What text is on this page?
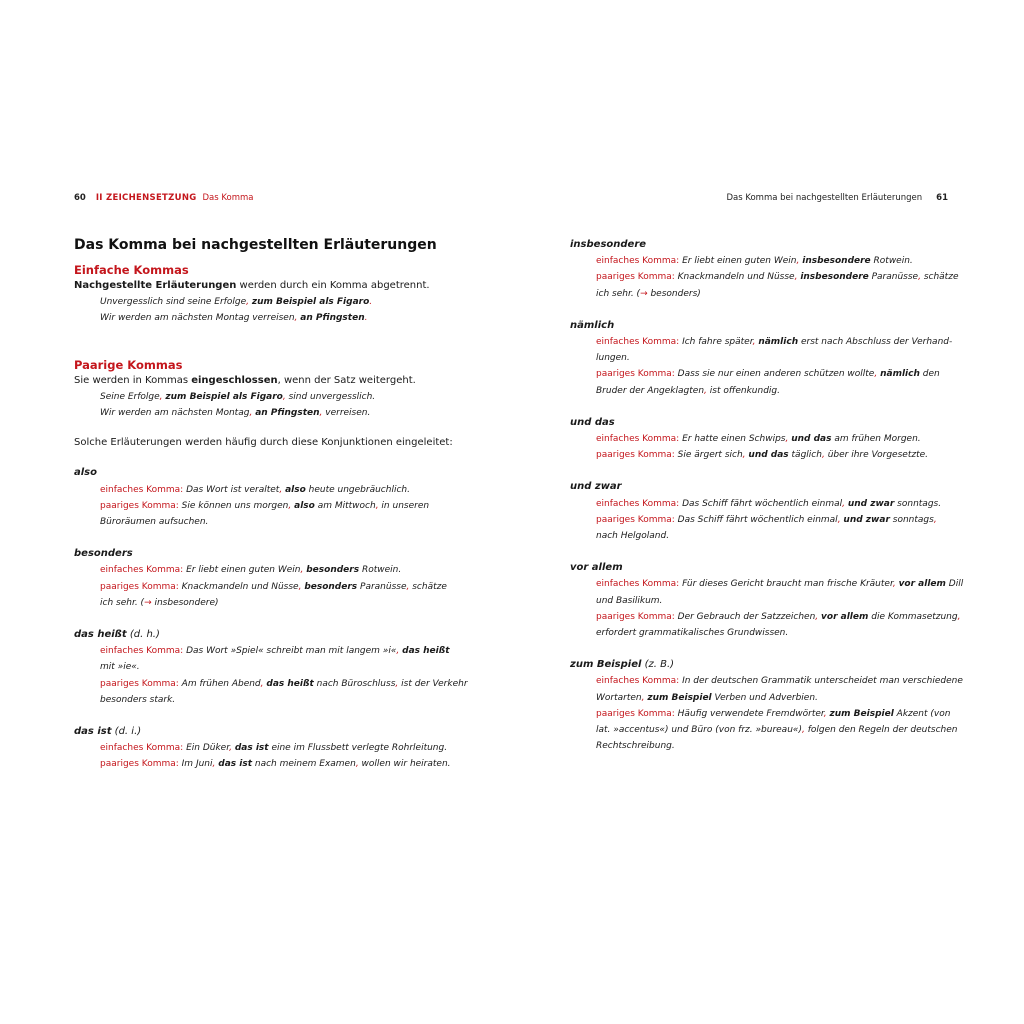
60 II ZEICHENSETZUNG Das Komma	Das Komma bei nachgestellten Erläuterungen 61
Das Komma bei nachgestellten Erläuterungen
Einfache Kommas

Nachgestellte Erläuterungen werden durch ein Komma abgetrennt.

Unvergesslich sind seine Erfolge, zum Beispiel als Figaro.

Wir werden am nächsten Montag verreisen, an Pfingsten.

Paarige Kommas

Sie werden in Kommas eingeschlossen, wenn der Satz weitergeht.

Seine Erfolge, zum Beispiel als Figaro, sind unvergesslich.

Wir werden am nächsten Montag, an Pfingsten, verreisen.

Solche Erläuterungen werden häufig durch diese Konjunktionen eingeleitet:

also

einfaches Komma: Das Wort ist veraltet, also heute ungebräuchlich.

paariges Komma: Sie können uns morgen, also am Mittwoch, in unseren

Büroräumen aufsuchen.

besonders

einfaches Komma: Er liebt einen guten Wein, besonders Rotwein.

paariges Komma: Knackmandeln und Nüsse, besonders Paranüsse, schätze

ich sehr. (→ insbesondere)

das heißt (d. h.)

einfaches Komma: Das Wort »Spiel« schreibt man mit langem »i«, das heißt

mit »ie«.

paariges Komma: Am frühen Abend, das heißt nach Büroschluss, ist der Verkehr

besonders stark.

das ist (d. i.)

einfaches Komma: Ein Düker, das ist eine im Flussbett verlegte Rohrleitung.

paariges Komma: Im Juni, das ist nach meinem Examen, wollen wir heiraten.

insbesondere

einfaches Komma: Er liebt einen guten Wein, insbesondere Rotwein.

paariges Komma: Knackmandeln und Nüsse, insbesondere Paranüsse, schätze

ich sehr. (→ besonders)

nämlich

einfaches Komma: Ich fahre später, nämlich erst nach Abschluss der Verhand-

lungen.

paariges Komma: Dass sie nur einen anderen schützen wollte, nämlich den

Bruder der Angeklagten, ist offenkundig.

und das

einfaches Komma: Er hatte einen Schwips, und das am frühen Morgen.

paariges Komma: Sie ärgert sich, und das täglich, über ihre Vorgesetzte.

und zwar

einfaches Komma: Das Schiff fährt wöchentlich einmal, und zwar sonntags.

paariges Komma: Das Schiff fährt wöchentlich einmal, und zwar sonntags,

nach Helgoland.

vor allem

einfaches Komma: Für dieses Gericht braucht man frische Kräuter, vor allem Dill

und Basilikum.

paariges Komma: Der Gebrauch der Satzzeichen, vor allem die Kommasetzung,

erfordert grammatikalisches Grundwissen.

zum Beispiel (z. B.)

einfaches Komma: In der deutschen Grammatik unterscheidet man verschiedene

Wortarten, zum Beispiel Verben und Adverbien.

paariges Komma: Häufig verwendete Fremdwörter, zum Beispiel Akzent (von

lat. »accentus«) und Büro (von frz. »bureau«), folgen den Regeln der deutschen

Rechtschreibung.
